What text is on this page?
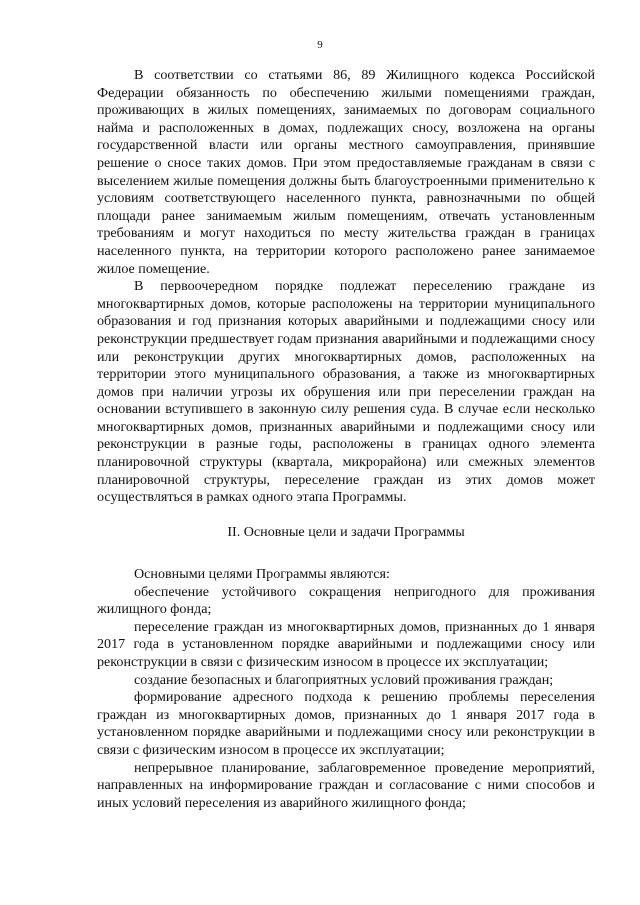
9

В соответствии со статьями 86, 89 Жилищного кодекса Российской Федерации обязанность по обеспечению жилыми помещениями граждан, проживающих в жилых помещениях, занимаемых по договорам социального найма и расположенных в домах, подлежащих сносу, возложена на органы государственной власти или органы местного самоуправления, принявшие решение о сносе таких домов. При этом предоставляемые гражданам в связи с выселением жилые помещения должны быть благоустроенными применительно к условиям соответствующего населенного пункта, равнозначными по общей площади ранее занимаемым жилым помещениям, отвечать установленным требованиям и могут находиться по месту жительства граждан в границах населенного пункта, на территории которого расположено ранее занимаемое жилое помещение.

В первоочередном порядке подлежат переселению граждане из многоквартирных домов, которые расположены на территории муниципального образования и год признания которых аварийными и подлежащими сносу или реконструкции предшествует годам признания аварийными и подлежащими сносу или реконструкции других многоквартирных домов, расположенных на территории этого муниципального образования, а также из многоквартирных домов при наличии угрозы их обрушения или при переселении граждан на основании вступившего в законную силу решения суда. В случае если несколько многоквартирных домов, признанных аварийными и подлежащими сносу или реконструкции в разные годы, расположены в границах одного элемента планировочной структуры (квартала, микрорайона) или смежных элементов планировочной структуры, переселение граждан из этих домов может осуществляться в рамках одного этапа Программы.

II. Основные цели и задачи Программы

Основными целями Программы являются:

обеспечение устойчивого сокращения непригодного для проживания жилищного фонда;

переселение граждан из многоквартирных домов, признанных до 1 января 2017 года в установленном порядке аварийными и подлежащими сносу или реконструкции в связи с физическим износом в процессе их эксплуатации;

создание безопасных и благоприятных условий проживания граждан;

формирование адресного подхода к решению проблемы переселения граждан из многоквартирных домов, признанных до 1 января 2017 года в установленном порядке аварийными и подлежащими сносу или реконструкции в связи с физическим износом в процессе их эксплуатации;

непрерывное планирование, заблаговременное проведение мероприятий, направленных на информирование граждан и согласование с ними способов и иных условий переселения из аварийного жилищного фонда;
